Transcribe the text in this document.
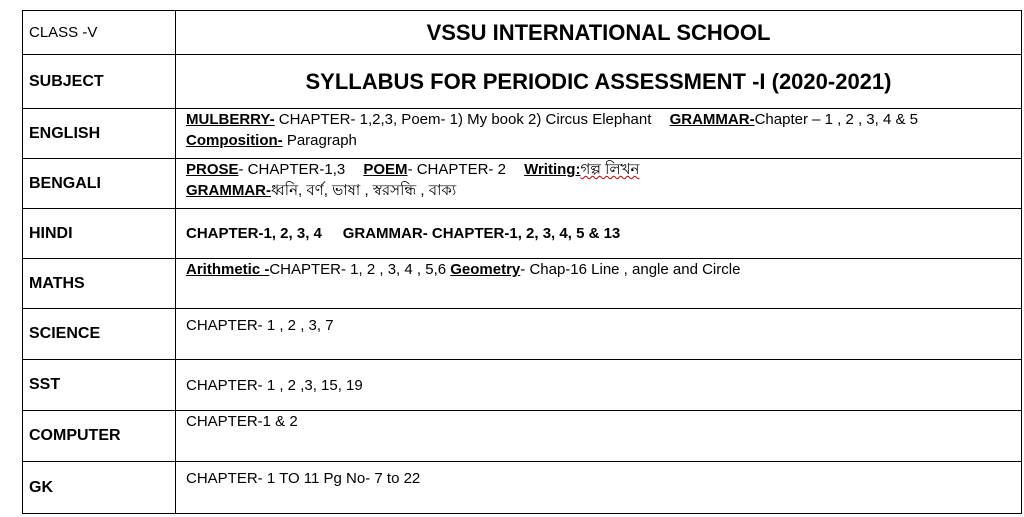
CLASS -V	VSSU INTERNATIONAL SCHOOL
SUBJECT	SYLLABUS FOR PERIODIC ASSESSMENT -I (2020-2021)
ENGLISH	MULBERRY- CHAPTER- 1,2,3, Poem- 1) My book 2) Circus Elephant GRAMMAR-Chapter – 1 , 2 , 3, 4 & 5
Composition- Paragraph
BENGALI	PROSE- CHAPTER-1,3 POEM- CHAPTER- 2 Writing:গল্প লিখন
GRAMMAR-ধ্বনি, বর্ণ, ভাষা , স্বরসন্ধি , বাক্য
HINDI	CHAPTER-1, 2, 3, 4     GRAMMAR- CHAPTER-1, 2, 3, 4, 5 & 13
MATHS	Arithmetic -CHAPTER- 1, 2 , 3, 4 , 5,6 Geometry- Chap-16 Line , angle and Circle
SCIENCE	CHAPTER- 1 , 2 , 3, 7
SST	CHAPTER- 1 , 2 ,3, 15, 19
COMPUTER	CHAPTER-1 & 2
GK	CHAPTER- 1 TO 11 Pg No- 7 to 22
